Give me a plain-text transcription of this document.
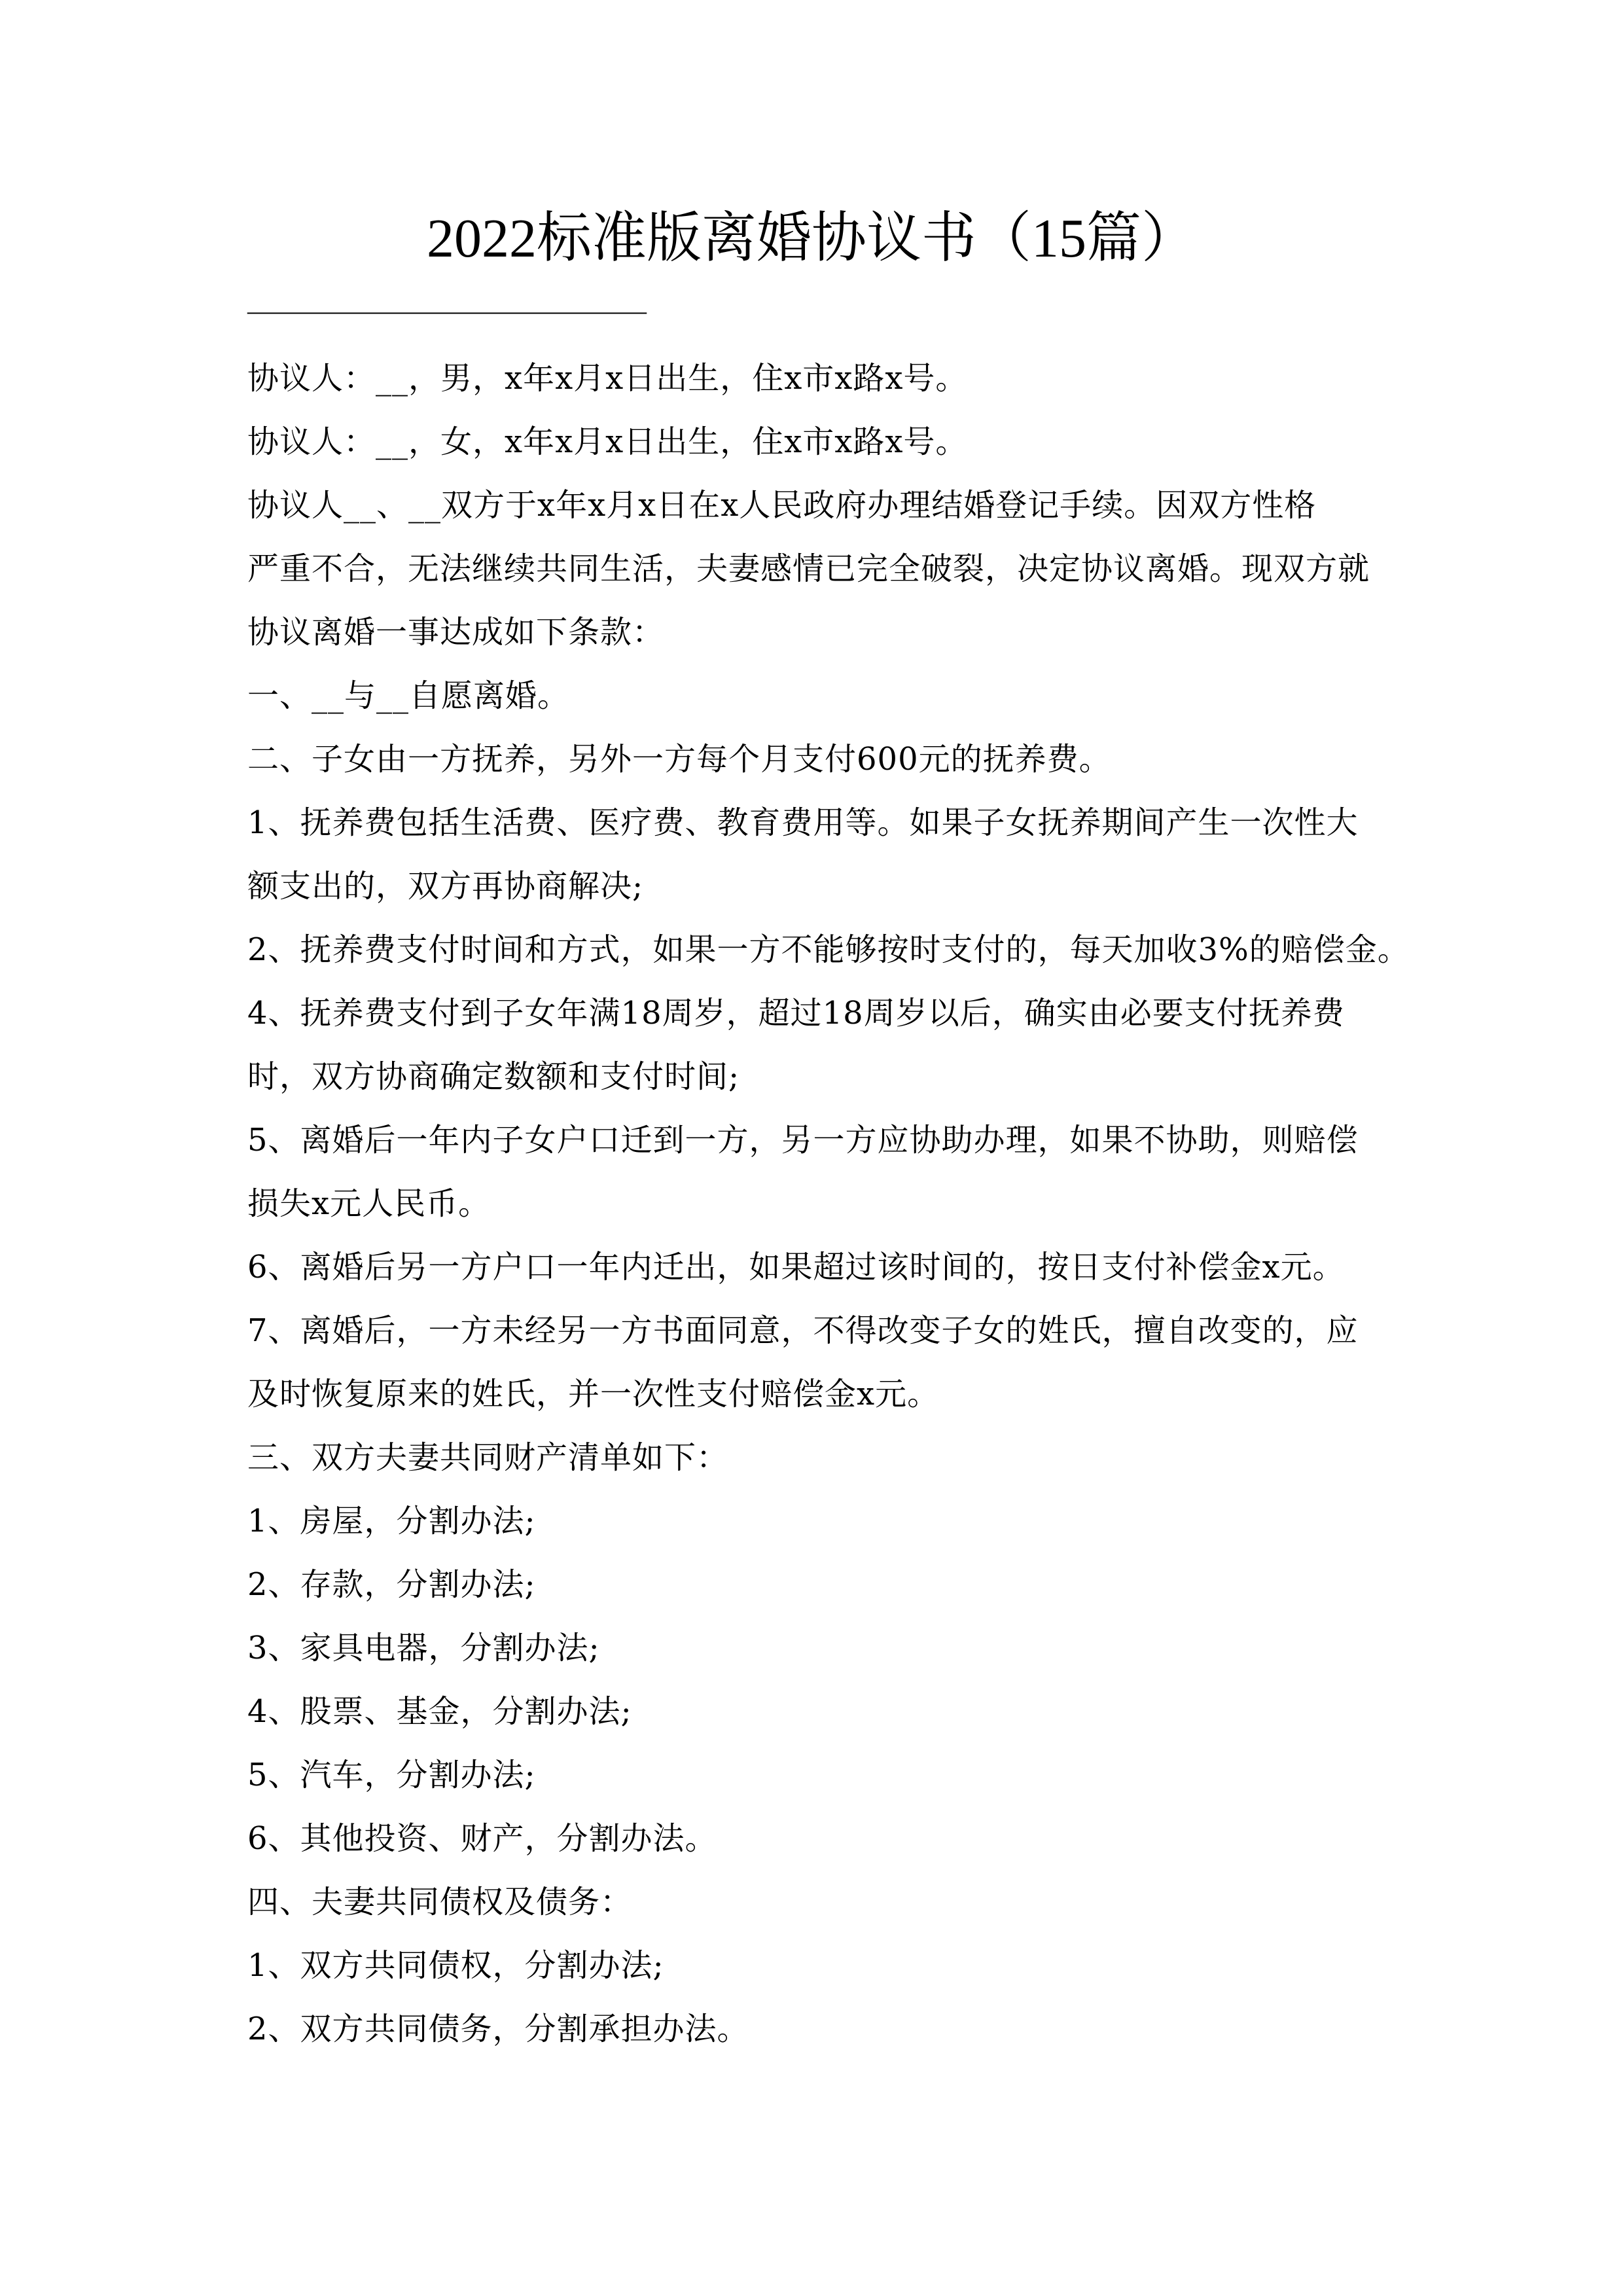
2022标准版离婚协议书（15篇）
————————————————
协议人：__，男，x年x月x日出生，住x市x路x号。
协议人：__，女，x年x月x日出生，住x市x路x号。
协议人__、__双方于x年x月x日在x人民政府办理结婚登记手续。因双方性格
严重不合，无法继续共同生活，夫妻感情已完全破裂，决定协议离婚。现双方就
协议离婚一事达成如下条款：
一、__与__自愿离婚。
二、子女由一方抚养，另外一方每个月支付600元的抚养费。
1、抚养费包括生活费、医疗费、教育费用等。如果子女抚养期间产生一次性大
额支出的，双方再协商解决;
2、抚养费支付时间和方式，如果一方不能够按时支付的，每天加收3%的赔偿金。
4、抚养费支付到子女年满18周岁，超过18周岁以后，确实由必要支付抚养费
时，双方协商确定数额和支付时间;
5、离婚后一年内子女户口迁到一方，另一方应协助办理，如果不协助，则赔偿
损失x元人民币。
6、离婚后另一方户口一年内迁出，如果超过该时间的，按日支付补偿金x元。
7、离婚后，一方未经另一方书面同意，不得改变子女的姓氏，擅自改变的，应
及时恢复原来的姓氏，并一次性支付赔偿金x元。
三、双方夫妻共同财产清单如下：
1、房屋，分割办法;
2、存款，分割办法;
3、家具电器，分割办法;
4、股票、基金，分割办法;
5、汽车，分割办法;
6、其他投资、财产，分割办法。
四、夫妻共同债权及债务：
1、双方共同债权，分割办法;
2、双方共同债务，分割承担办法。
